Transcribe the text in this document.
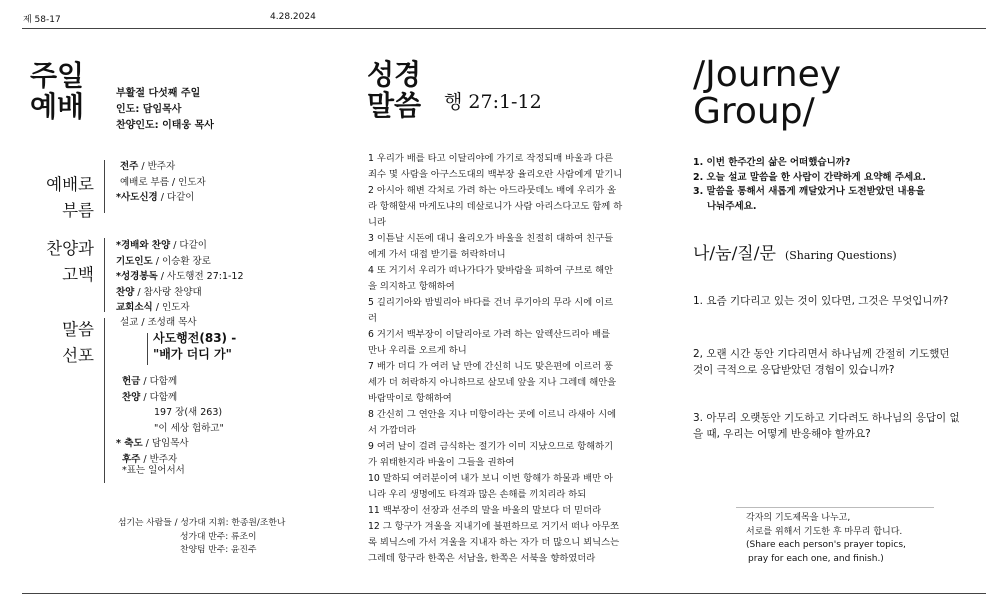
제 58-17	4.28.2024
주일
예배	부활절 다섯째 주일
인도: 담임목사
찬양인도: 이태웅 목사
예배로
부름
전주 / 반주자
예배로 부름 / 인도자
*사도신경 / 다같이
찬양과
고백
*경배와 찬양 / 다같이
기도인도 / 이승환 장로
*성경봉독 / 사도행전 27:1-12
찬양 / 참사랑 찬양대
교회소식 / 인도자
말씀
선포
설교 / 조성래 목사
사도행전(83) -
"배가 더디 가"
헌금 / 다함께
찬양 / 다함께
197 장(새 263)
"이 세상 험하고"
* 축도 / 담임목사
후주 / 반주자
*표는 일어서서
섬기는 사람들 / 성가대 지휘: 한종원/조한나
성가대 반주: 류조이
찬양팀 반주: 윤진주
성경
말씀 행 27:1-12

1 우리가 배를 타고 이달리야에 가기로 작정되매 바울과 다른

죄수 몇 사람을 아구스도대의 백부장 율리오란 사람에게 맡기니

2 아시아 해변 각처로 가려 하는 아드라뭇데노 배에 우리가 올

라 항해할새 마게도냐의 데살로니가 사람 아리스다고도 함께 하

니라

3 이튿날 시돈에 대니 율리오가 바울을 친절히 대하여 친구들

에게 가서 대접 받기를 허락하더니

4 또 거기서 우리가 떠나가다가 맞바람을 피하여 구브로 해안

을 의지하고 항해하여

5 길리기아와 밤빌리아 바다를 건너 루기아의 무라 시에 이르

러

6 거기서 백부장이 이달리아로 가려 하는 알렉산드리아 배를

만나 우리를 오르게 하니

7 배가 더디 가 여러 날 만에 간신히 니도 맞은편에 이르러 풍

세가 더 허락하지 아니하므로 살모네 앞을 지나 그레데 해안을

바람막이로 항해하여

8 간신히 그 연안을 지나 미항이라는 곳에 이르니 라새아 시에

서 가깝더라

9 여러 날이 걸려 금식하는 절기가 이미 지났으므로 항해하기

가 위태한지라 바울이 그들을 권하여

10 말하되 여러분이여 내가 보니 이번 항해가 하물과 배만 아

니라 우리 생명에도 타격과 많은 손해를 끼치리라 하되

11 백부장이 선장과 선주의 말을 바울의 말보다 더 믿더라

12 그 항구가 겨울을 지내기에 불편하므로 거기서 떠나 아무쪼

록 뵈닉스에 가서 겨울을 지내자 하는 자가 더 많으니 뵈닉스는

그레데 항구라 한쪽은 서남을, 한쪽은 서북을 향하였더라

/Journey
Group/
1. 이번 한주간의 삶은 어떠했습니까?
2. 오늘 설교 말씀을 한 사람이 간략하게 요약해 주세요.
3. 말씀을 통해서 새롭게 깨달았거나 도전받았던 내용을
나눠주세요.
나/눔/질/문 (Sharing Questions)
1. 요즘 기다리고 있는 것이 있다면, 그것은 무엇입니까?
2, 오랜 시간 동안 기다리면서 하나님께 간절히 기도했던
것이 극적으로 응답받았던 경험이 있습니까?
3. 아무리 오랫동안 기도하고 기다려도 하나님의 응답이 없
을 때, 우리는 어떻게 반응해야 할까요?
각자의 기도제목을 나누고,
서로를 위해서 기도한 후 마무리 합니다.
(Share each person's prayer topics,
pray for each one, and finish.)
